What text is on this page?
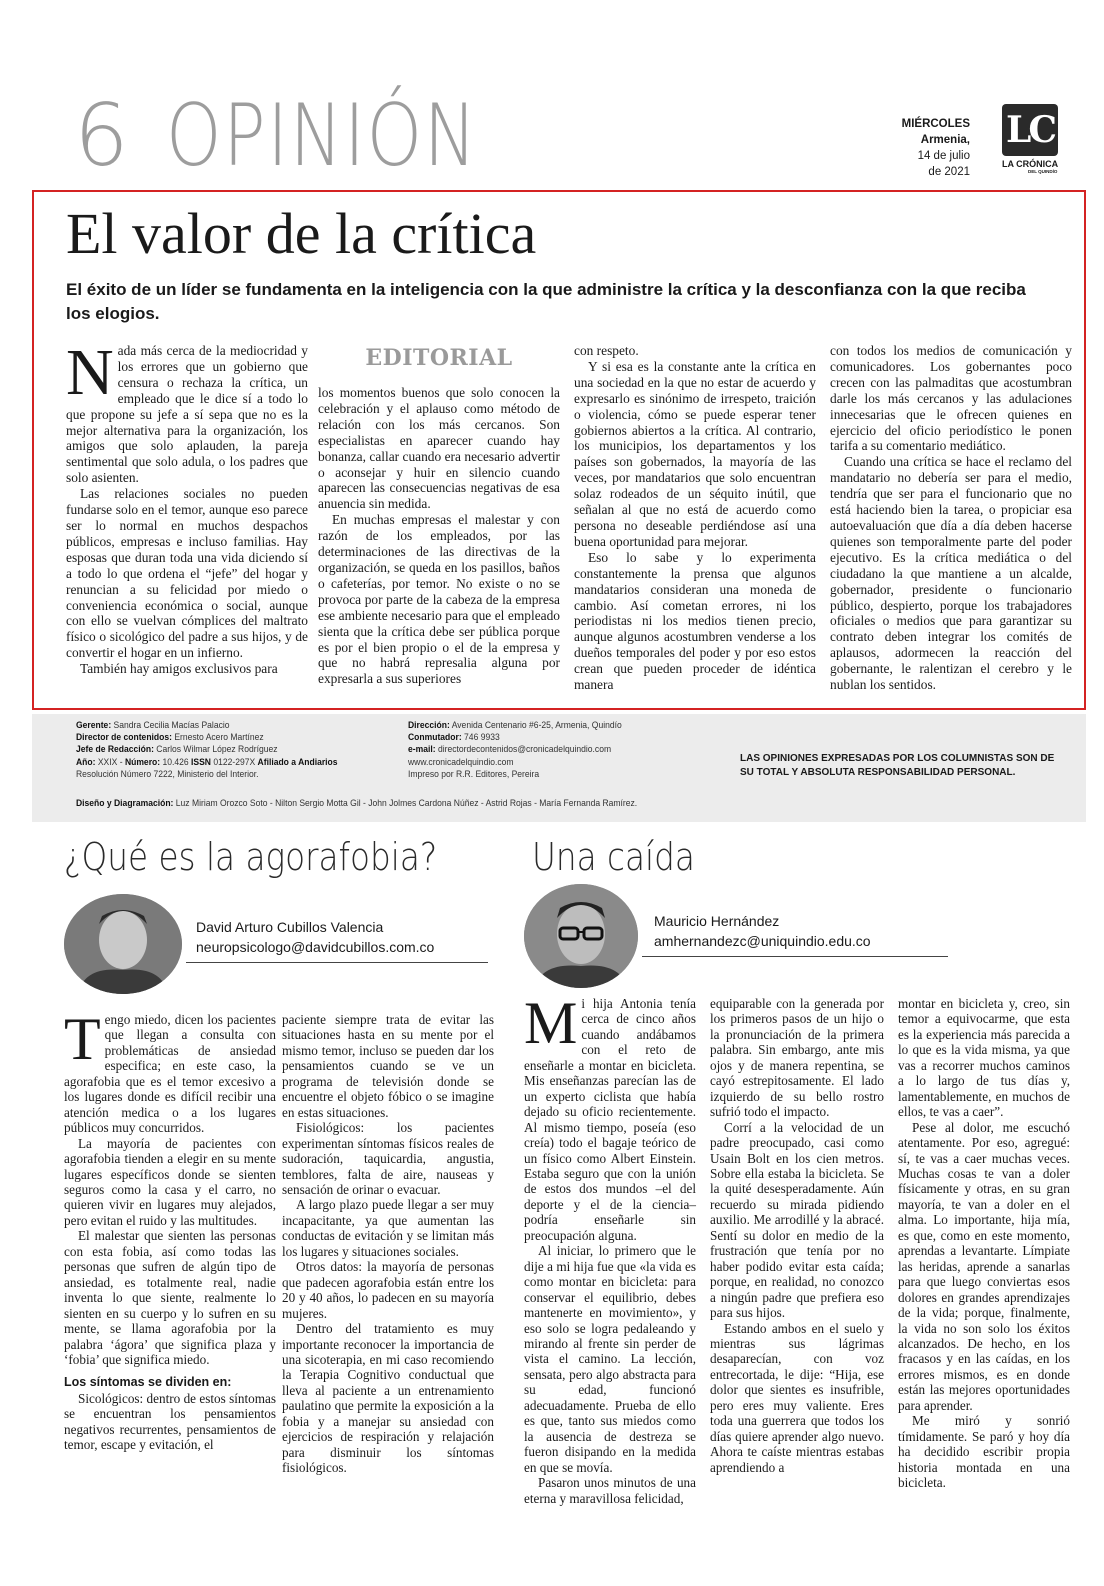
6 OPINIÓN	MIÉRCOLES
Armenia,
14 de julio
de 2021
LC
LA CRÓNICA
DEL QUINDÍO
El valor de la crítica
El éxito de un líder se fundamenta en la inteligencia con la que administre la crítica y la desconfianza con la que reciba los elogios.

Nada más cerca de la mediocridad y los errores que un gobierno que censura o rechaza la crítica, un empleado que le dice sí a todo lo que propone su jefe a sí sepa que no es la mejor alternativa para la organización, los amigos que solo aplauden, la pareja sentimental que solo adula, o los padres que solo asienten.

Las relaciones sociales no pueden fundarse solo en el temor, aunque eso parece ser lo normal en muchos despachos públicos, empresas e incluso familias. Hay esposas que duran toda una vida diciendo sí a todo lo que ordena el “jefe” del hogar y renuncian a su felicidad por miedo o conveniencia económica o social, aunque con ello se vuelvan cómplices del maltrato físico o sicológico del padre a sus hijos, y de convertir el hogar en un infierno.

También hay amigos exclusivos para

EDITORIAL

los momentos buenos que solo conocen la celebración y el aplauso como método de relación con los más cercanos. Son especialistas en aparecer cuando hay bonanza, callar cuando era necesario advertir o aconsejar y huir en silencio cuando aparecen las consecuencias negativas de esa anuencia sin medida.

En muchas empresas el malestar y con razón de los empleados, por las determinaciones de las directivas de la organización, se queda en los pasillos, baños o cafeterías, por temor. No existe o no se provoca por parte de la cabeza de la empresa ese ambiente necesario para que el empleado sienta que la crítica debe ser pública porque es por el bien propio o el de la empresa y que no habrá represalia alguna por expresarla a sus superiores

con respeto.

Y si esa es la constante ante la crítica en una sociedad en la que no estar de acuerdo y expresarlo es sinónimo de irrespeto, traición o violencia, cómo se puede esperar tener gobiernos abiertos a la crítica. Al contrario, los municipios, los departamentos y los países son gobernados, la mayoría de las veces, por mandatarios que solo encuentran solaz rodeados de un séquito inútil, que señalan al que no está de acuerdo como persona no deseable perdiéndose así una buena oportunidad para mejorar.

Eso lo sabe y lo experimenta constantemente la prensa que algunos mandatarios consideran una moneda de cambio. Así cometan errores, ni los periodistas ni los medios tienen precio, aunque algunos acostumbren venderse a los dueños temporales del poder y por eso estos crean que pueden proceder de idéntica manera

con todos los medios de comunicación y comunicadores. Los gobernantes poco crecen con las palmaditas que acostumbran darle los más cercanos y las adulaciones innecesarias que le ofrecen quienes en ejercicio del oficio periodístico le ponen tarifa a su comentario mediático.

Cuando una crítica se hace el reclamo del mandatario no debería ser para el medio, tendría que ser para el funcionario que no está haciendo bien la tarea, o propiciar esa autoevaluación que día a día deben hacerse quienes son temporalmente parte del poder ejecutivo. Es la crítica mediática o del ciudadano la que mantiene a un alcalde, gobernador, presidente o funcionario público, despierto, porque los trabajadores oficiales o medios que para garantizar su contrato deben integrar los comités de aplausos, adormecen la reacción del gobernante, le ralentizan el cerebro y le nublan los sentidos.

Gerente: Sandra Cecilia Macías Palacio
Director de contenidos: Ernesto Acero Martínez
Jefe de Redacción: Carlos Wilmar López Rodríguez
Año: XXIX - Número: 10.426 ISSN 0122-297X Afiliado a Andiarios
Resolución Número 7222, Ministerio del Interior.
Dirección: Avenida Centenario #6-25, Armenia, Quindío
Conmutador: 746 9933
e-mail: directordecontenidos@cronicadelquindio.com
www.cronicadelquindio.com
Impreso por R.R. Editores, Pereira
Diseño y Diagramación: Luz Miriam Orozco Soto - Nilton Sergio Motta Gil - John Jolmes Cardona Núñez - Astrid Rojas - María Fernanda Ramírez.
LAS OPINIONES EXPRESADAS POR LOS COLUMNISTAS SON DE SU TOTAL Y ABSOLUTA RESPONSABILIDAD PERSONAL.
¿Qué es la agorafobia?
David Arturo Cubillos Valencia
neuropsicologo@davidcubillos.com.co

Tengo miedo, dicen los pacientes que llegan a consulta con problemáticas de ansiedad especifica; en este caso, la agorafobia que es el temor excesivo a los lugares donde es difícil recibir una atención medica o a los lugares públicos muy concurridos.

La mayoría de pacientes con agorafobia tienden a elegir en su mente lugares específicos donde se sienten seguros como la casa y el carro, no quieren vivir en lugares muy alejados, pero evitan el ruido y las multitudes.

El malestar que sienten las personas con esta fobia, así como todas las personas que sufren de algún tipo de ansiedad, es totalmente real, nadie inventa lo que siente, realmente lo sienten en su cuerpo y lo sufren en su mente, se llama agorafobia por la palabra ‘ágora’ que significa plaza y ‘fobia’ que significa miedo.

Los síntomas se dividen en:

Sicológicos: dentro de estos síntomas se encuentran los pensamientos negativos recurrentes, pensamientos de temor, escape y evitación, el

paciente siempre trata de evitar las situaciones hasta en su mente por el mismo temor, incluso se pueden dar los pensamientos cuando se ve un programa de televisión donde se encuentre el objeto fóbico o se imagine en estas situaciones.

Fisiológicos: los pacientes experimentan síntomas físicos reales de sudoración, taquicardia, angustia, temblores, falta de aire, nauseas y sensación de orinar o evacuar.

A largo plazo puede llegar a ser muy incapacitante, ya que aumentan las conductas de evitación y se limitan más los lugares y situaciones sociales.

Otros datos: la mayoría de personas que padecen agorafobia están entre los 20 y 40 años, lo padecen en su mayoría mujeres.

Dentro del tratamiento es muy importante reconocer la importancia de una sicoterapia, en mi caso recomiendo la Terapia Cognitivo conductual que lleva al paciente a un entrenamiento paulatino que permite la exposición a la fobia y a manejar su ansiedad con ejercicios de respiración y relajación para disminuir los síntomas fisiológicos.

Una caída
Mauricio Hernández
amhernandezc@uniquindio.edu.co

Mi hija Antonia tenía cerca de cinco años cuando andábamos con el reto de enseñarle a montar en bicicleta. Mis enseñanzas parecían las de un experto ciclista que había dejado su oficio recientemente. Al mismo tiempo, poseía (eso creía) todo el bagaje teórico de un físico como Albert Einstein. Estaba seguro que con la unión de estos dos mundos –el del deporte y el de la ciencia– podría enseñarle sin preocupación alguna.

Al iniciar, lo primero que le dije a mi hija fue que «la vida es como montar en bicicleta: para conservar el equilibrio, debes mantenerte en movimiento», y eso solo se logra pedaleando y mirando al frente sin perder de vista el camino. La lección, sensata, pero algo abstracta para su edad, funcionó adecuadamente. Prueba de ello es que, tanto sus miedos como la ausencia de destreza se fueron disipando en la medida en que se movía.

Pasaron unos minutos de una eterna y maravillosa felicidad,

equiparable con la generada por los primeros pasos de un hijo o la pronunciación de la primera palabra. Sin embargo, ante mis ojos y de manera repentina, se cayó estrepitosamente. El lado izquierdo de su bello rostro sufrió todo el impacto.

Corrí a la velocidad de un padre preocupado, casi como Usain Bolt en los cien metros. Sobre ella estaba la bicicleta. Se la quité desesperadamente. Aún recuerdo su mirada pidiendo auxilio. Me arrodillé y la abracé. Sentí su dolor en medio de la frustración que tenía por no haber podido evitar esta caída; porque, en realidad, no conozco a ningún padre que prefiera eso para sus hijos.

Estando ambos en el suelo y mientras sus lágrimas desaparecían, con voz entrecortada, le dije: “Hija, ese dolor que sientes es insufrible, pero eres muy valiente. Eres toda una guerrera que todos los días quiere aprender algo nuevo. Ahora te caíste mientras estabas aprendiendo a

montar en bicicleta y, creo, sin temor a equivocarme, que esta es la experiencia más parecida a lo que es la vida misma, ya que vas a recorrer muchos caminos a lo largo de tus días y, lamentablemente, en muchos de ellos, te vas a caer”.

Pese al dolor, me escuchó atentamente. Por eso, agregué: sí, te vas a caer muchas veces. Muchas cosas te van a doler físicamente y otras, en su gran mayoría, te van a doler en el alma. Lo importante, hija mía, es que, como en este momento, aprendas a levantarte. Límpiate las heridas, aprende a sanarlas para que luego conviertas esos dolores en grandes aprendizajes de la vida; porque, finalmente, la vida no son solo los éxitos alcanzados. De hecho, en los fracasos y en las caídas, en los errores mismos, es en donde están las mejores oportunidades para aprender.

Me miró y sonrió tímidamente. Se paró y hoy día ha decidido escribir propia historia montada en una bicicleta.
